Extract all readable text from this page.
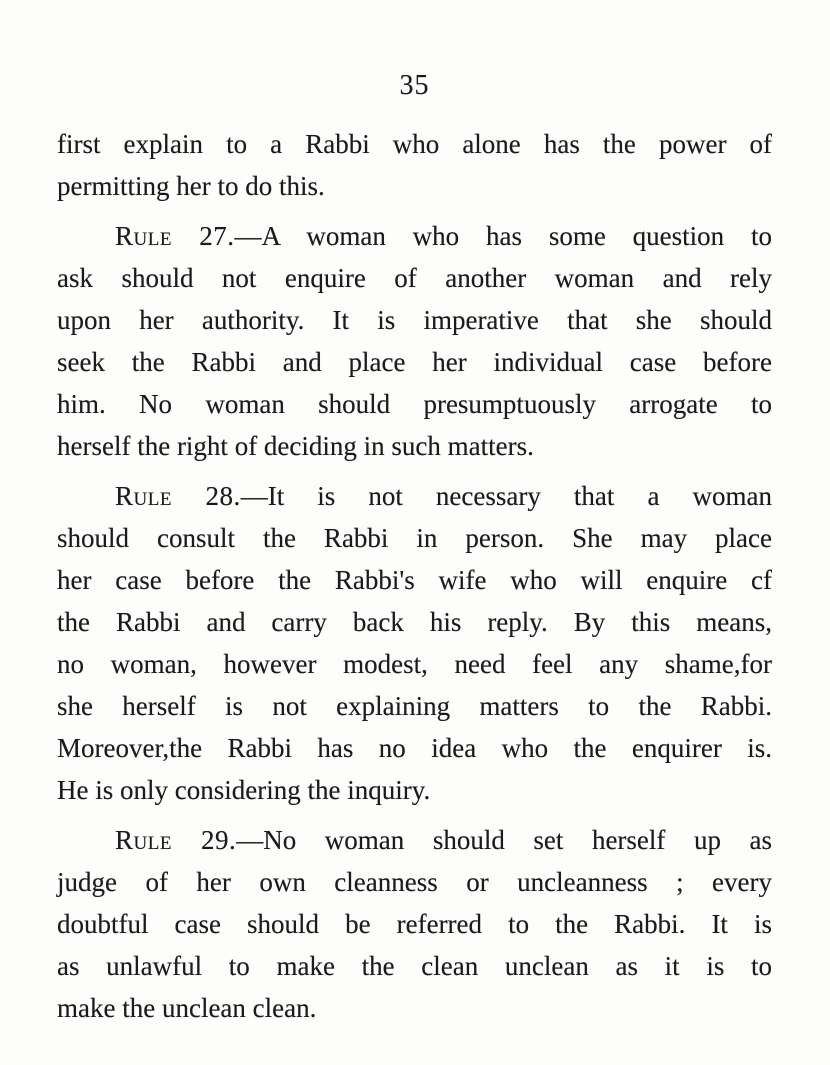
35
first explain to a Rabbi who alone has the power of
permitting her to do this.
Rule 27.—A woman who has some question to
ask should not enquire of another woman and rely
upon her authority. It is imperative that she should
seek the Rabbi and place her individual case before
him. No woman should presumptuously arrogate to
herself the right of deciding in such matters.
Rule 28.—It is not necessary that a woman
should consult the Rabbi in person. She may place
her case before the Rabbi's wife who will enquire cf
the Rabbi and carry back his reply. By this means,
no woman, however modest, need feel any shame,for
she herself is not explaining matters to the Rabbi.
Moreover,the Rabbi has no idea who the enquirer is.
He is only considering the inquiry.
Rule 29.—No woman should set herself up as
judge of her own cleanness or uncleanness ; every
doubtful case should be referred to the Rabbi. It is
as unlawful to make the clean unclean as it is to
make the unclean clean.
